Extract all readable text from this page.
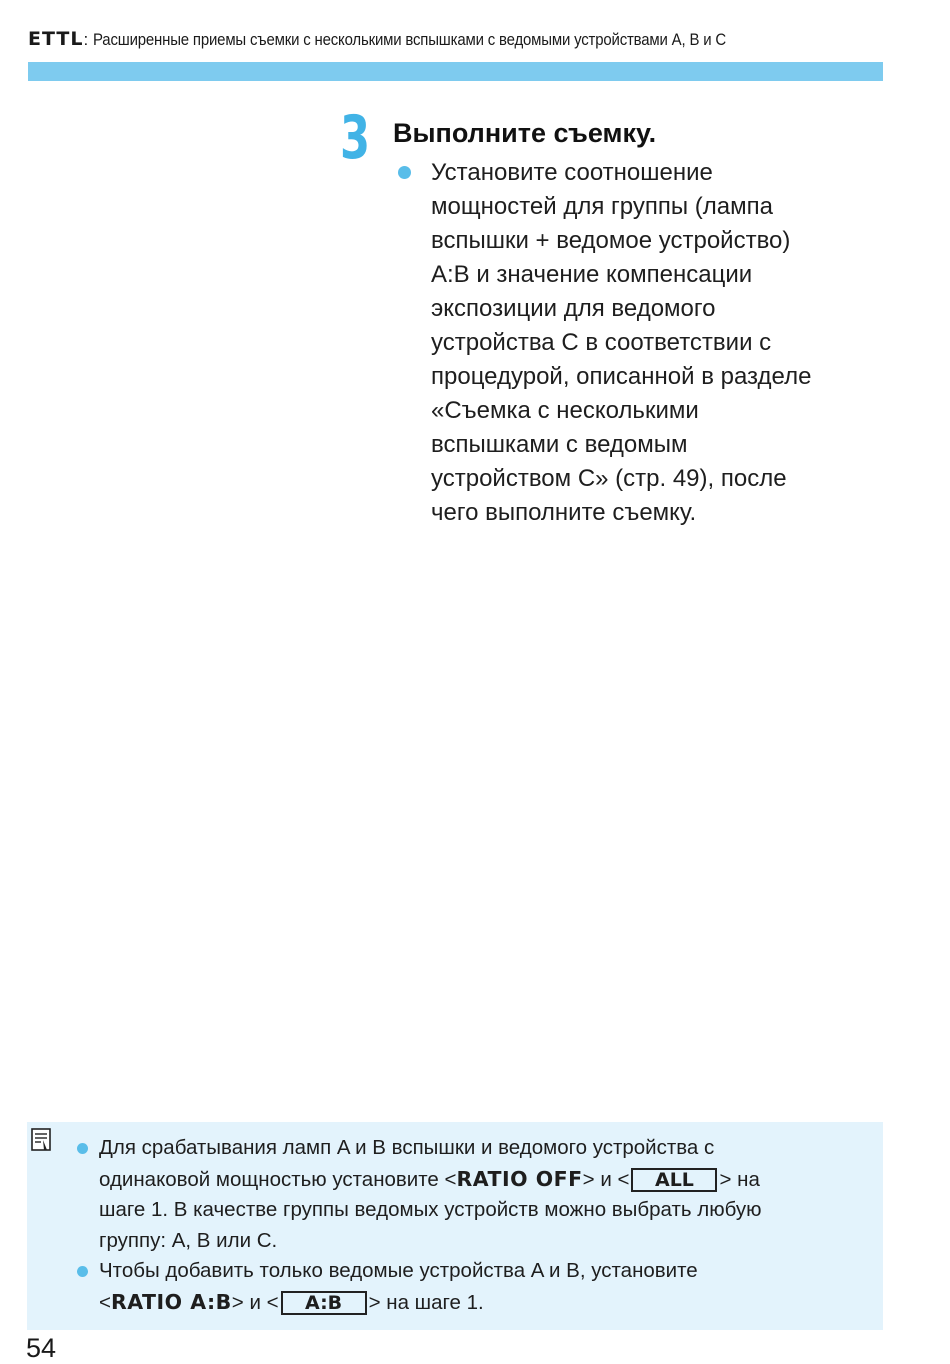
ETTL: Расширенные приемы съемки с несколькими вспышками с ведомыми устройствами A, B и C
3 Выполните съемку.
Установите соотношение
мощностей для группы (лампа
вспышки + ведомое устройство)
A:B и значение компенсации
экспозиции для ведомого
устройства C в соответствии с
процедурой, описанной в разделе
«Съемка с несколькими
вспышками с ведомым
устройством C» (стр. 49), после
чего выполните съемку.
Для срабатывания ламп A и B вспышки и ведомого устройства с
одинаковой мощностью установите <RATIO OFF> и < ALL > на
шаге 1. В качестве группы ведомых устройств можно выбрать любую
группу: A, B или C.
Чтобы добавить только ведомые устройства A и B, установите
<RATIO A:B> и < A:B > на шаге 1.
54
